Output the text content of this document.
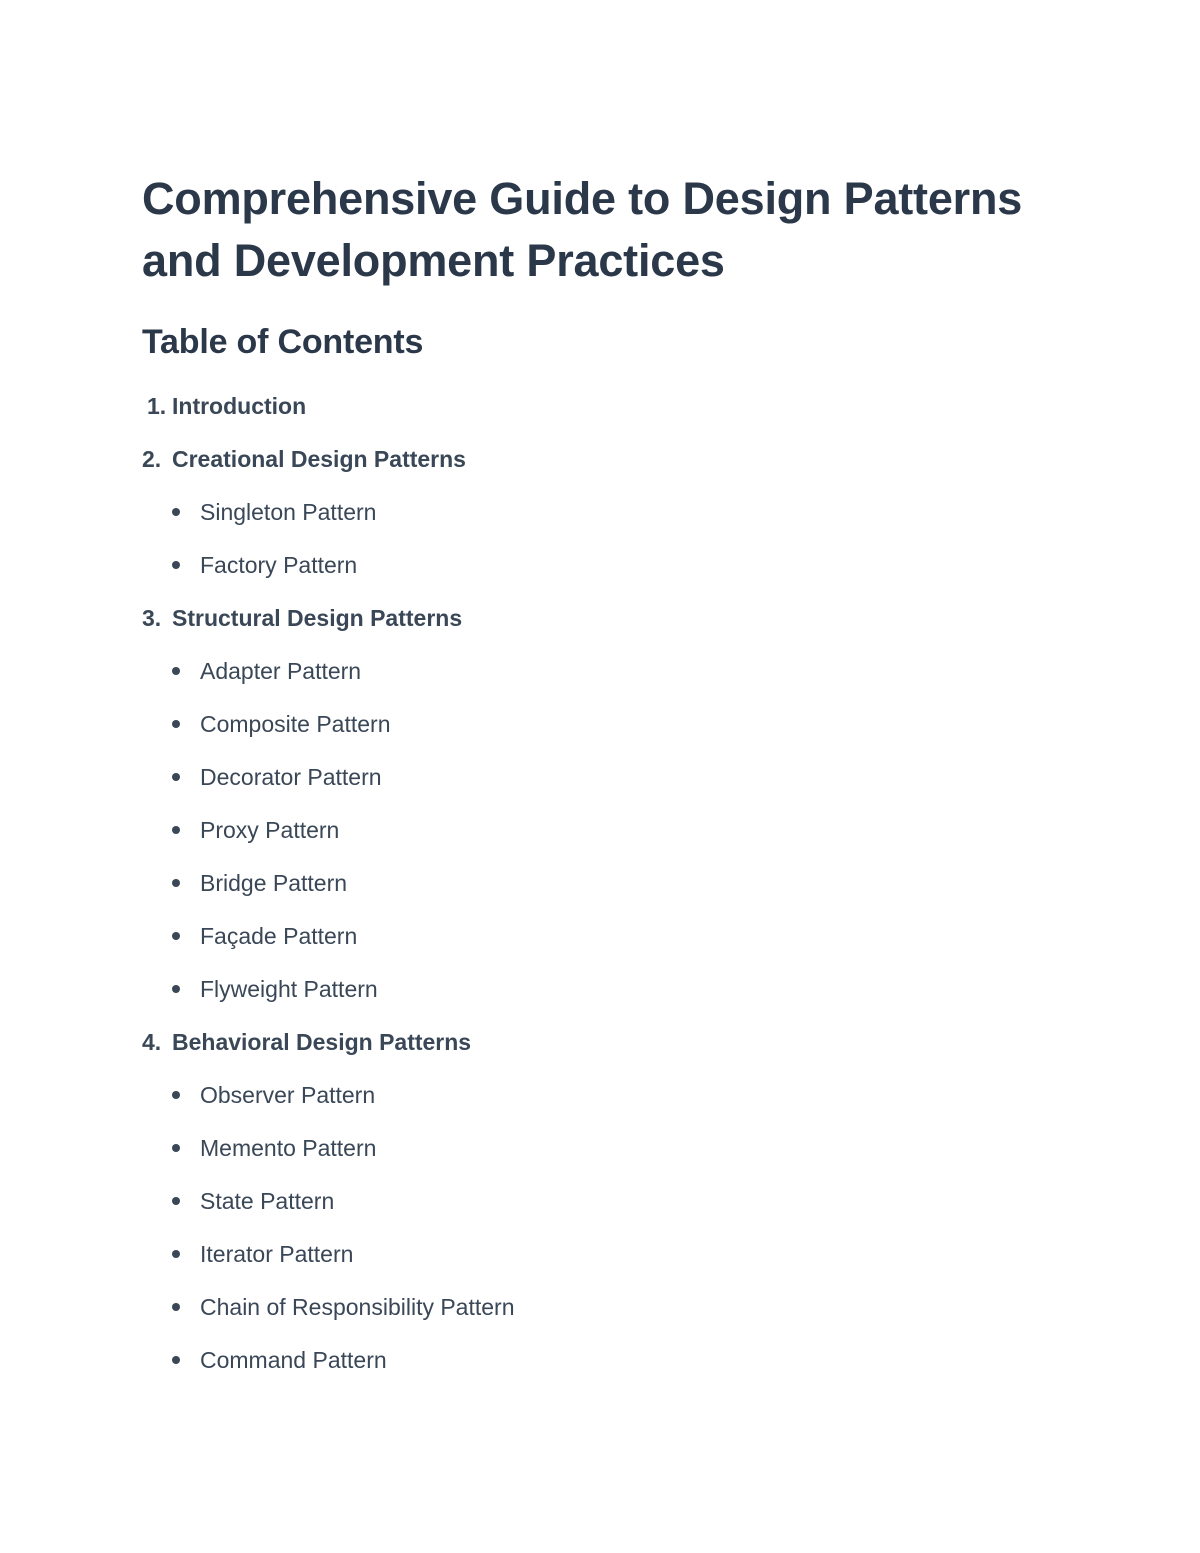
Comprehensive Guide to Design Patterns and Development Practices
Table of Contents
1. Introduction
2. Creational Design Patterns
Singleton Pattern
Factory Pattern
3. Structural Design Patterns
Adapter Pattern
Composite Pattern
Decorator Pattern
Proxy Pattern
Bridge Pattern
Façade Pattern
Flyweight Pattern
4. Behavioral Design Patterns
Observer Pattern
Memento Pattern
State Pattern
Iterator Pattern
Chain of Responsibility Pattern
Command Pattern
